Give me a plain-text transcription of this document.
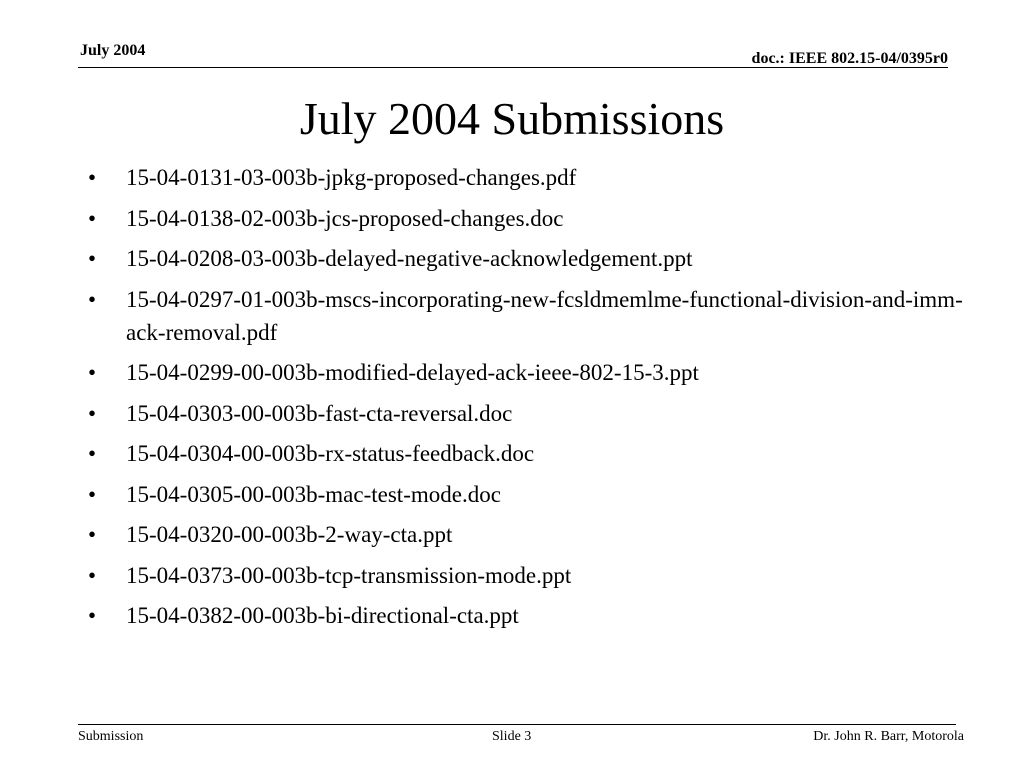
July 2004	doc.: IEEE 802.15-04/0395r0
July 2004 Submissions
• 15-04-0131-03-003b-jpkg-proposed-changes.pdf
• 15-04-0138-02-003b-jcs-proposed-changes.doc
• 15-04-0208-03-003b-delayed-negative-acknowledgement.ppt
• 15-04-0297-01-003b-mscs-incorporating-new-fcsldmemlme-functional-division-and-imm-ack-removal.pdf
• 15-04-0299-00-003b-modified-delayed-ack-ieee-802-15-3.ppt
• 15-04-0303-00-003b-fast-cta-reversal.doc
• 15-04-0304-00-003b-rx-status-feedback.doc
• 15-04-0305-00-003b-mac-test-mode.doc
• 15-04-0320-00-003b-2-way-cta.ppt
• 15-04-0373-00-003b-tcp-transmission-mode.ppt
• 15-04-0382-00-003b-bi-directional-cta.ppt
Submission	Slide 3	Dr. John R. Barr, Motorola
